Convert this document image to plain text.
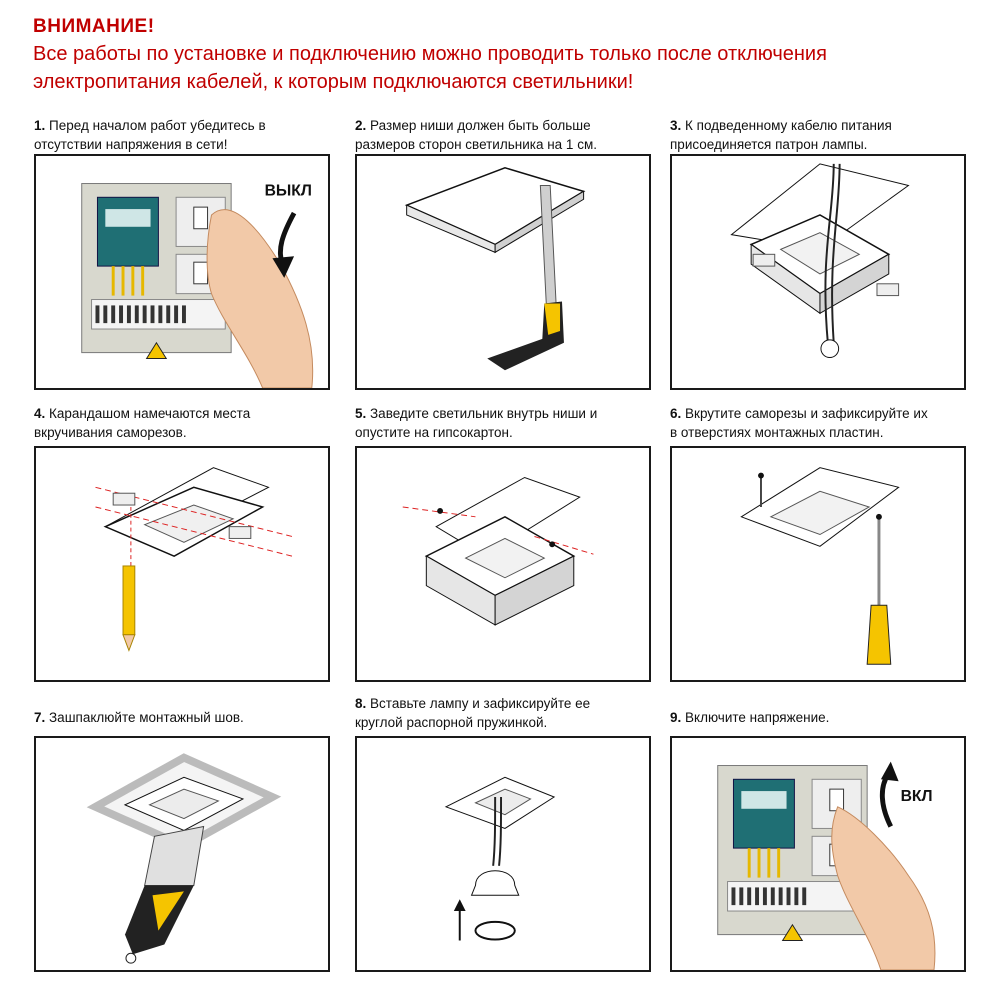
ВНИМАНИЕ!
Все работы по установке и подключению можно проводить только после отключения
электропитания кабелей, к которым подключаются светильники!
1. Перед началом работ убедитесь в
отсутствии напряжения в сети!
ВЫКЛ
2. Размер ниши должен быть больше
размеров сторон светильника на 1 см.
3. К подведенному кабелю питания
присоединяется патрон лампы.
4. Карандашом намечаются места
вкручивания саморезов.
5. Заведите светильник внутрь ниши и
опустите на гипсокартон.
6. Вкрутите саморезы и зафиксируйте их
в отверстиях монтажных пластин.
7. Зашпаклюйте монтажный шов.

8. Вставьте лампу и зафиксируйте ее
круглой распорной пружинкой.	9. Включите напряжение.

ВКЛ
